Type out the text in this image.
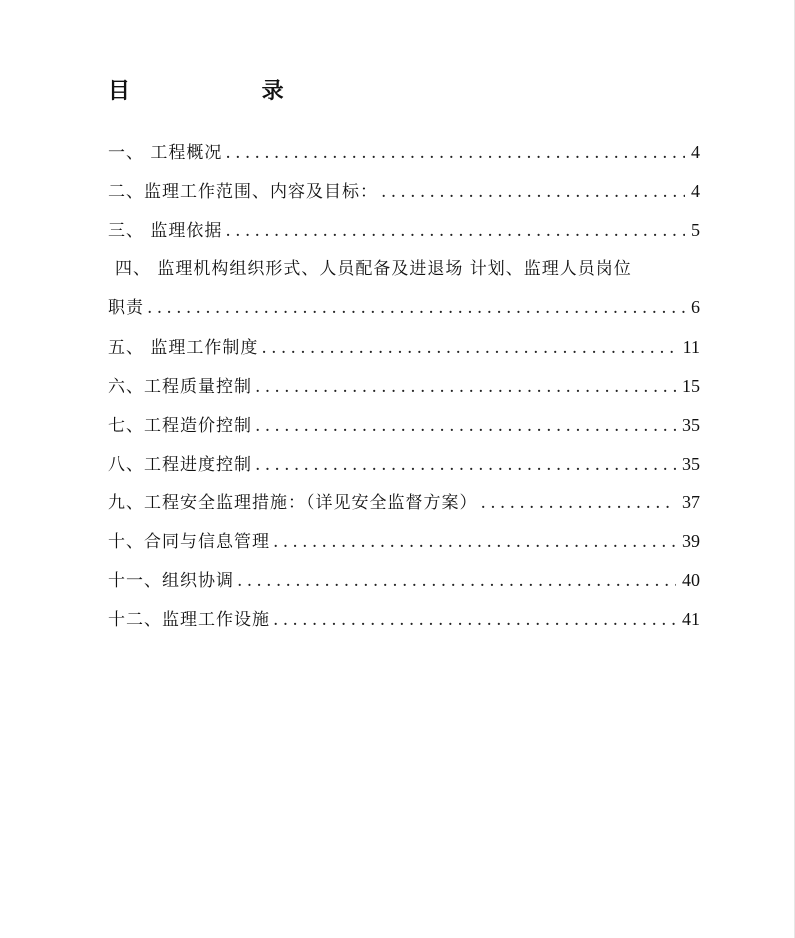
目 录
一、 工程概况 .....	4
二、监理工作范围、内容及目标： .....	4
三、 监理依据 .....	5
四、 监理机构组织形式、人员配备及进退场 计划、监理人员岗位
职责 .....	6
五、 监理工作制度 .....	11
六、工程质量控制 .....	15
七、工程造价控制 .....	35
八、工程进度控制 .....	35
九、工程安全监理措施：（详见安全监督方案） .....	37
十、合同与信息管理 .....	39
十一、组织协调 .....	40
十二、监理工作设施 .....	41
